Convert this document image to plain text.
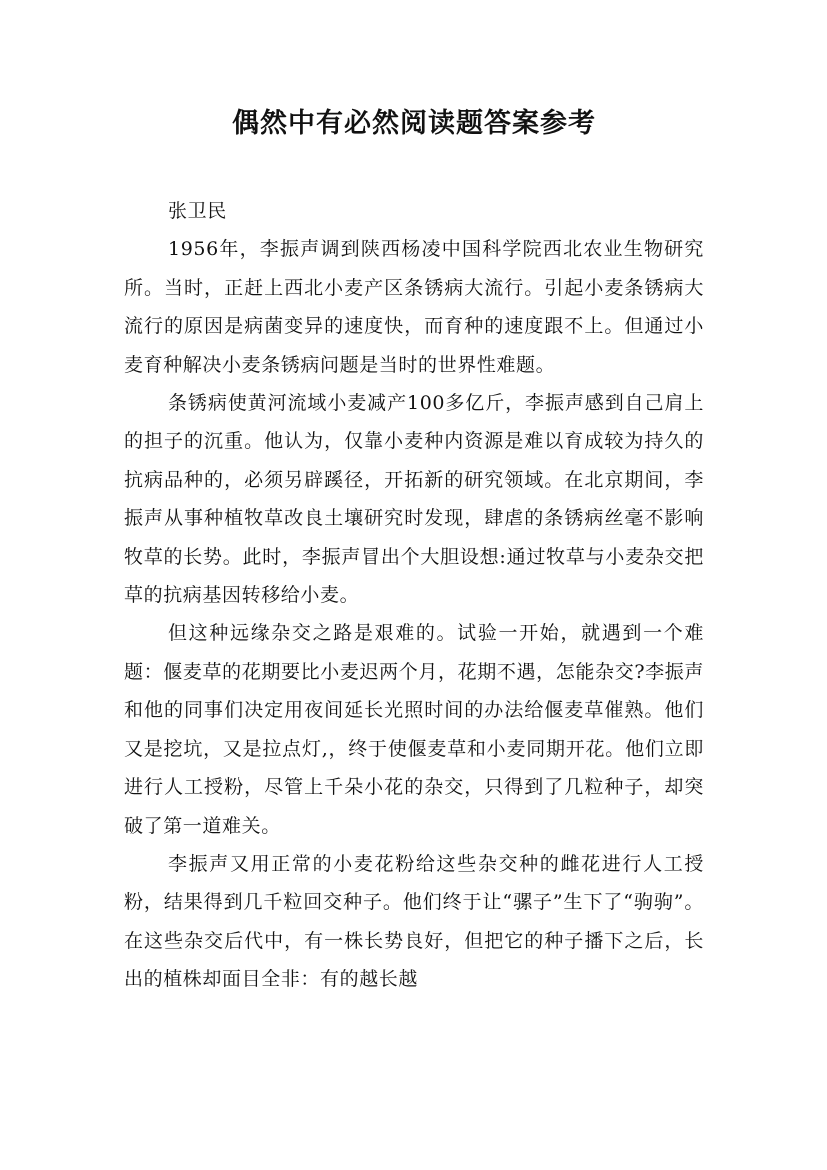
偶然中有必然阅读题答案参考

张卫民

1956年，李振声调到陕西杨凌中国科学院西北农业生物研究所。当时，正赶上西北小麦产区条锈病大流行。引起小麦条锈病大流行的原因是病菌变异的速度快，而育种的速度跟不上。但通过小麦育种解决小麦条锈病问题是当时的世界性难题。

条锈病使黄河流域小麦减产100多亿斤，李振声感到自己肩上的担子的沉重。他认为，仅靠小麦种内资源是难以育成较为持久的抗病品种的，必须另辟蹊径，开拓新的研究领域。在北京期间，李振声从事种植牧草改良土壤研究时发现，肆虐的条锈病丝毫不影响牧草的长势。此时，李振声冒出个大胆设想:通过牧草与小麦杂交把草的抗病基因转移给小麦。

但这种远缘杂交之路是艰难的。试验一开始，就遇到一个难题：偃麦草的花期要比小麦迟两个月，花期不遇，怎能杂交?李振声和他的同事们决定用夜间延长光照时间的办法给偃麦草催熟。他们又是挖坑，又是拉点灯,，终于使偃麦草和小麦同期开花。他们立即进行人工授粉，尽管上千朵小花的杂交，只得到了几粒种子，却突破了第一道难关。

李振声又用正常的小麦花粉给这些杂交种的雌花进行人工授粉，结果得到几千粒回交种子。他们终于让“骡子”生下了“驹驹”。在这些杂交后代中，有一株长势良好，但把它的种子播下之后，长出的植株却面目全非：有的越长越
